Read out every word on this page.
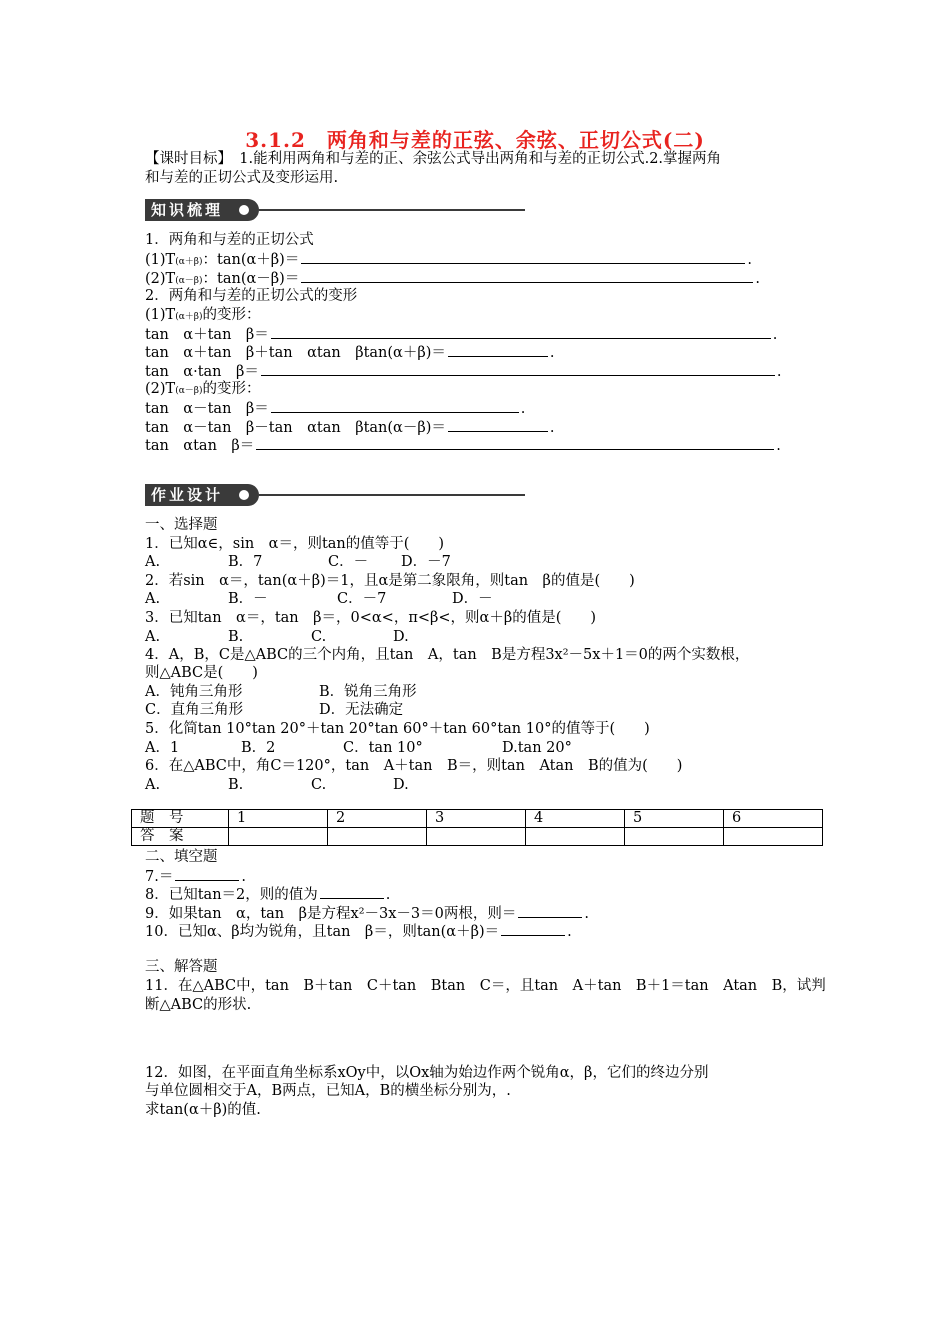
3.1.2　两角和与差的正弦、余弦、正切公式(二)
【课时目标】　1.能利用两角和与差的正、余弦公式导出两角和与差的正切公式.2.掌握两角
和与差的正切公式及变形运用.
知识梳理
1．两角和与差的正切公式
(1)T(α＋β)：tan(α＋β)＝	.
(2)T(α－β)：tan(α－β)＝	.
2．两角和与差的正切公式的变形
(1)T(α＋β)的变形：
tan　α＋tan　β＝	.
tan　α＋tan　β＋tan　αtan　βtan(α＋β)＝	.
tan　α·tan　β＝	.
(2)T(α－β)的变形：
tan　α－tan　β＝	.
tan　α－tan　β－tan　αtan　βtan(α－β)＝	.
tan　αtan　β＝	.
作业设计
一、选择题
1．已知α∈，sin　α＝，则tan的值等于(　　)
A.	B．7	C．－ D．－7
2．若sin　α＝，tan(α＋β)＝1，且α是第二象限角，则tan　β的值是(　　)
A.	B．－	C．－7	D．－
3．已知tan　α＝，tan　β＝，0<α<，π<β<，则α＋β的值是(　　)
A.	B.	C.	D.
4．A，B，C是△ABC的三个内角，且tan　A，tan　B是方程3x²－5x＋1＝0的两个实数根，
则△ABC是(　　)
A．钝角三角形	B．锐角三角形
C．直角三角形	D．无法确定
5．化简tan 10°tan 20°＋tan 20°tan 60°＋tan 60°tan 10°的值等于(　　)
A．1	B．2	C．tan 10°	D.tan 20°
6．在△ABC中，角C＝120°，tan　A＋tan　B＝，则tan　Atan　B的值为(　　)
A.	B.	C.	D.
题　号	1	2	3	4	5	6
答　案						
二、填空题
7.＝	.
8．已知tan＝2，则的值为	.
9．如果tan　α，tan　β是方程x²－3x－3＝0两根，则＝	.
10．已知α、β均为锐角，且tan　β＝，则tan(α＋β)＝	.
三、解答题
11．在△ABC中，tan　B＋tan　C＋tan　Btan　C＝，且tan　A＋tan　B＋1＝tan　Atan　B，试判
断△ABC的形状.
12．如图，在平面直角坐标系xOy中，以Ox轴为始边作两个锐角α，β，它们的终边分别
与单位圆相交于A，B两点，已知A，B的横坐标分别为，.
求tan(α＋β)的值.
